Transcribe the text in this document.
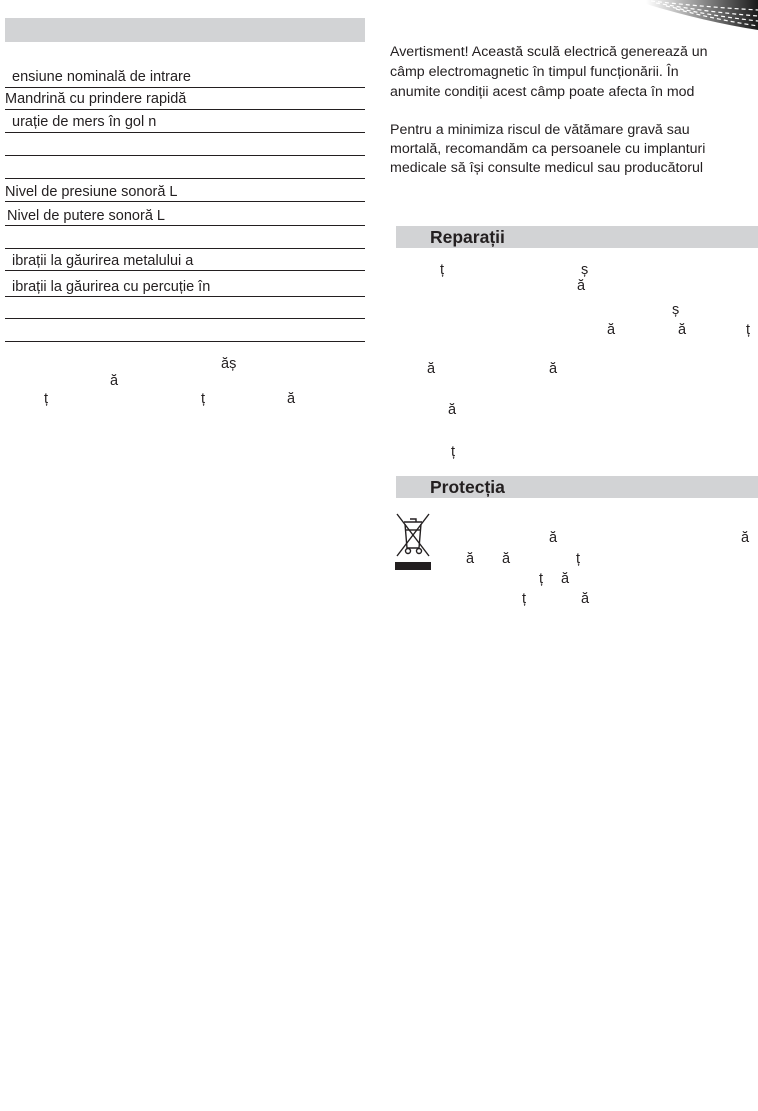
ensiune nominală de intrare
Mandrină cu prindere rapidă
urație de mers în gol n
Nivel de presiune sonoră L
Nivel de putere sonoră L
ibrații la găurirea metalului a
ibrații la găurirea cu percuție în
ăș
ă
ț	ț	ă
Avertisment! Această sculă electrică generează un
câmp electromagnetic în timpul funcționării. În
anumite condiții acest câmp poate afecta în mod
Pentru a minimiza riscul de vătămare gravă sau
mortală, recomandăm ca persoanele cu implanturi
medicale să își consulte medicul sau producătorul
Reparații
ț	ș
ă
ș
ă	ă	ț
ă	ă
ă
ț
Protecția
ă	ă
ă ă	ț
ț ă
ț	ă
